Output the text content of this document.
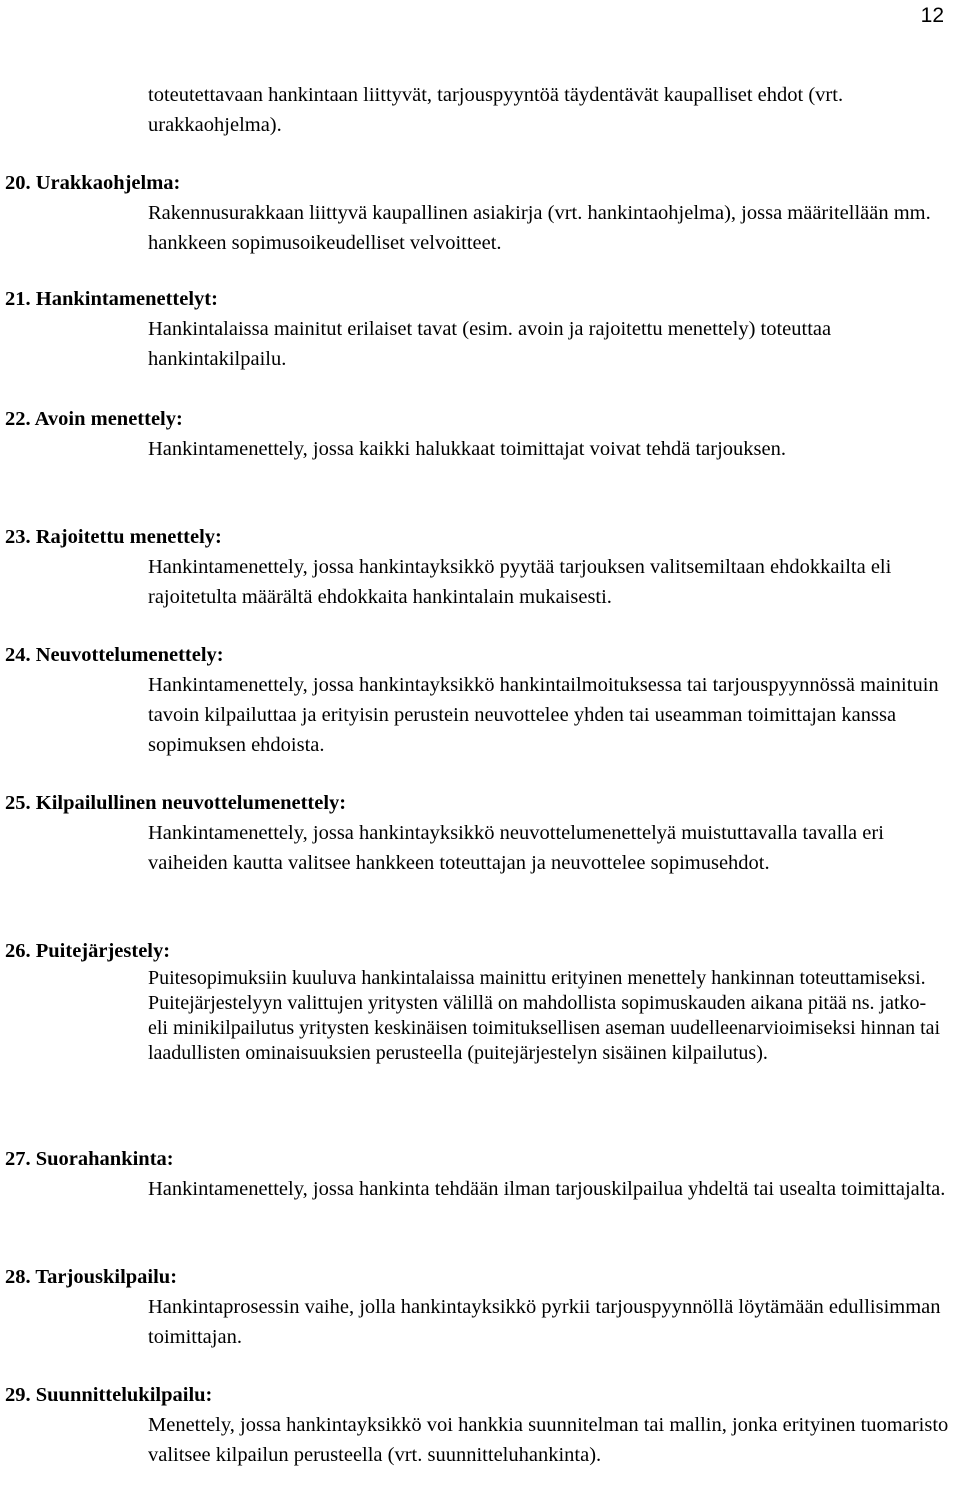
12
toteutettavaan hankintaan liittyvät, tarjouspyyntöä täydentävät kaupalliset ehdot (vrt. urakkaohjelma).
20. Urakkaohjelma:
Rakennusurakkaan liittyvä kaupallinen asiakirja (vrt. hankintaohjelma), jossa määritellään mm. hankkeen sopimusoikeudelliset velvoitteet.
21. Hankintamenettelyt:
Hankintalaissa mainitut erilaiset tavat (esim. avoin ja rajoitettu menettely) toteuttaa hankintakilpailu.
22. Avoin menettely:
Hankintamenettely, jossa kaikki halukkaat toimittajat voivat tehdä tarjouksen.
23. Rajoitettu menettely:
Hankintamenettely, jossa hankintayksikkö pyytää tarjouksen valitsemiltaan ehdokkailta eli rajoitetulta määrältä ehdokkaita hankintalain mukaisesti.
24. Neuvottelumenettely:
Hankintamenettely, jossa hankintayksikkö hankintailmoituksessa tai tarjouspyynnössä mainituin tavoin kilpailuttaa ja erityisin perustein neuvottelee yhden tai useamman toimittajan kanssa sopimuksen ehdoista.
25. Kilpailullinen neuvottelumenettely:
Hankintamenettely, jossa hankintayksikkö neuvottelumenettelyä muistuttavalla tavalla eri vaiheiden kautta valitsee hankkeen toteuttajan ja neuvottelee sopimusehdot.
26. Puitejärjestely:
Puitesopimuksiin kuuluva hankintalaissa mainittu erityinen menettely hankinnan toteuttamiseksi. Puitejärjestelyyn valittujen yritysten välillä on mahdollista sopimuskauden aikana pitää ns. jatko- eli minikilpailutus yritysten keskinäisen toimituksellisen aseman uudelleenarvioimiseksi hinnan tai laadullisten ominaisuuksien perusteella (puitejärjestelyn sisäinen kilpailutus).
27. Suorahankinta:
Hankintamenettely, jossa hankinta tehdään ilman tarjouskilpailua yhdeltä tai usealta toimittajalta.
28. Tarjouskilpailu:
Hankintaprosessin vaihe, jolla hankintayksikkö pyrkii tarjouspyynnöllä löytämään edullisimman toimittajan.
29. Suunnittelukilpailu:
Menettely, jossa hankintayksikkö voi hankkia suunnitelman tai mallin, jonka erityinen tuomaristo valitsee kilpailun perusteella (vrt. suunnitteluhankinta).
